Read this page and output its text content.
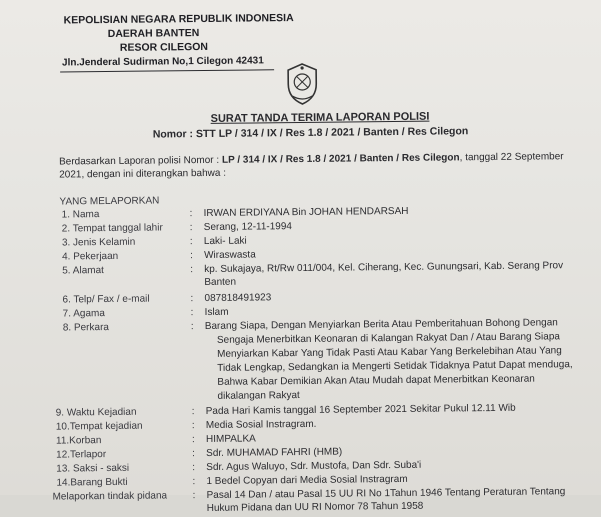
KEPOLISIAN NEGARA REPUBLIK INDONESIA
DAERAH BANTEN
RESOR CILEGON
Jln.Jenderal Sudirman No,1 Cilegon 42431
SURAT TANDA TERIMA LAPORAN POLISI
Nomor : STT LP / 314 / IX / Res 1.8 / 2021 / Banten / Res Cilegon
Berdasarkan Laporan polisi Nomor : LP / 314 / IX / Res 1.8 / 2021 / Banten / Res Cilegon, tanggal 22 September
2021, dengan ini diterangkan bahwa :
YANG MELAPORKAN
1. Nama	: IRWAN ERDIYANA Bin JOHAN HENDARSAH
2. Tempat tanggal lahir	: Serang, 12-11-1994
3. Jenis Kelamin	: Laki- Laki
4. Pekerjaan	: Wiraswasta
5. Alamat	: kp. Sukajaya, Rt/Rw 011/004, Kel. Ciherang, Kec. Gunungsari, Kab. Serang Prov
Banten
6. Telp/ Fax / e-mail	: 087818491923
7. Agama	: Islam
8. Perkara	: Barang Siapa, Dengan Menyiarkan Berita Atau Pemberitahuan Bohong Dengan
Sengaja Menerbitkan Keonaran di Kalangan Rakyat Dan / Atau Barang Siapa
Menyiarkan Kabar Yang Tidak Pasti Atau Kabar Yang Berkelebihan Atau Yang
Tidak Lengkap, Sedangkan ia Mengerti Setidak Tidaknya Patut Dapat menduga,
Bahwa Kabar Demikian Akan Atau Mudah dapat Menerbitkan Keonaran
dikalangan Rakyat
9. Waktu Kejadian	: Pada Hari Kamis tanggal 16 September 2021 Sekitar Pukul 12.11 Wib
10.Tempat kejadian	: Media Sosial Instragram.
11.Korban	: HIMPALKA
12.Terlapor	: Sdr. MUHAMAD FAHRI (HMB)
13. Saksi - saksi	: Sdr. Agus Waluyo, Sdr. Mustofa, Dan Sdr. Suba'i
14.Barang Bukti	: 1 Bedel Copyan dari Media Sosial Instragram
Melaporkan tindak pidana	: Pasal 14 Dan / atau Pasal 15 UU RI No 1Tahun 1946 Tentang Peraturan Tentang
Hukum Pidana dan UU RI Nomor 78 Tahun 1958
